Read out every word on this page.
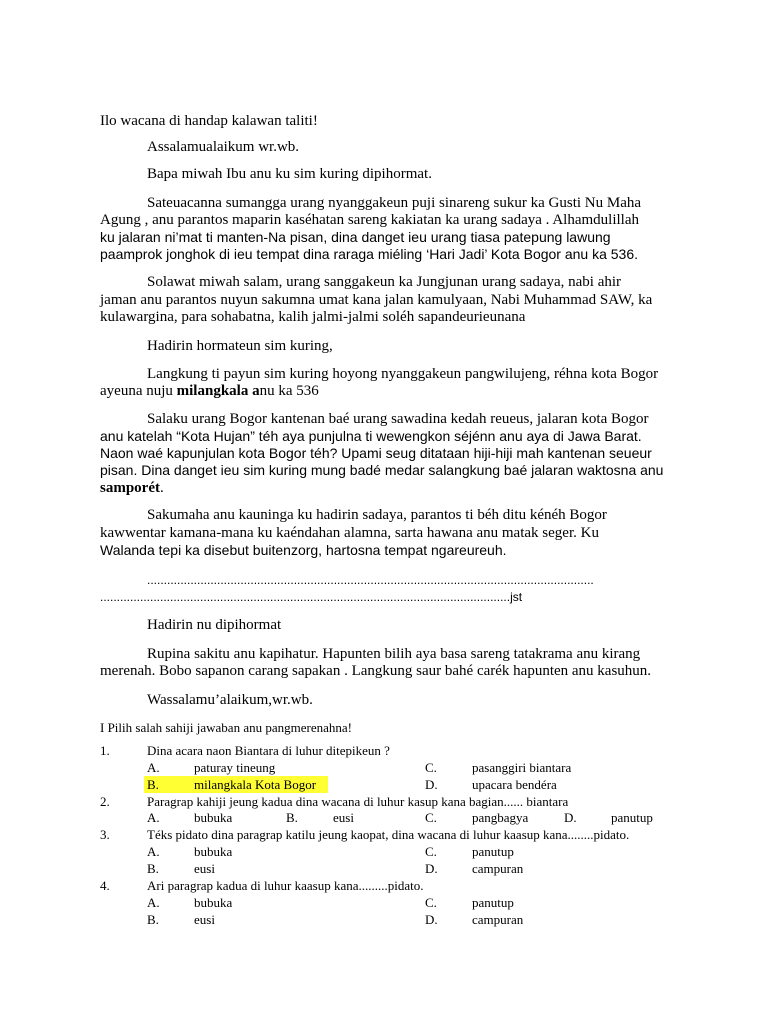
Ilo wacana di handap kalawan taliti!
Assalamualaikum wr.wb.
Bapa miwah Ibu anu ku sim kuring dipihormat.
Sateuacanna sumangga urang nyanggakeun puji sinareng sukur ka Gusti Nu Maha
Agung , anu parantos maparin kaséhatan sareng kakiatan ka urang sadaya . Alhamdulillah
ku jalaran ni’mat ti manten-Na pisan, dina danget ieu urang tiasa patepung lawung
paamprok jonghok di ieu tempat dina raraga miéling ‘Hari Jadi’ Kota Bogor anu ka 536.
Solawat miwah salam, urang sanggakeun ka Jungjunan urang sadaya, nabi ahir
jaman anu parantos nuyun sakumna umat kana jalan kamulyaan, Nabi Muhammad SAW, ka
kulawargina, para sohabatna, kalih jalmi-jalmi soléh sapandeurieunana
Hadirin hormateun sim kuring,
Langkung ti payun sim kuring hoyong nyanggakeun pangwilujeng, réhna kota Bogor
ayeuna nuju milangkala anu ka 536
Salaku urang Bogor kantenan baé urang sawadina kedah reueus, jalaran kota Bogor
anu katelah “Kota Hujan” téh aya punjulna ti wewengkon séjénn anu aya di Jawa Barat.
Naon waé kapunjulan kota Bogor téh? Upami seug ditataan hiji-hiji mah kantenan seueur
pisan. Dina danget ieu sim kuring mung badé medar salangkung baé jalaran waktosna anu
samporét.
Sakumaha anu kauninga ku hadirin sadaya, parantos ti béh ditu kénéh Bogor
kawwentar kamana-mana ku kaéndahan alamna, sarta hawana anu matak seger. Ku
Walanda tepi ka disebut buitenzorg, hartosna tempat ngareureuh.
......................................................................................................................................
...........................................................................................................................jst
Hadirin nu dipihormat
Rupina sakitu anu kapihatur. Hapunten bilih aya basa sareng tatakrama anu kirang
merenah. Bobo sapanon carang sapakan . Langkung saur bahé carék hapunten anu kasuhun.
Wassalamu’alaikum,wr.wb.
I Pilih salah sahiji jawaban anu pangmerenahna!
1.	Dina acara naon Biantara di luhur ditepikeun ?
A.	paturay tineung	C.	pasanggiri biantara
B.	milangkala Kota Bogor	D.	upacara bendéra
2.	Paragrap kahiji jeung kadua dina wacana di luhur kasup kana bagian...... biantara
A.	bubuka	B.	eusi	C.	pangbagya	D.	panutup
3.	Téks pidato dina paragrap katilu jeung kaopat, dina wacana di luhur kaasup kana........pidato.
A.	bubuka	C.	panutup
B.	eusi	D.	campuran
4.	Ari paragrap kadua di luhur kaasup kana.........pidato.
A.	bubuka	C.	panutup
B.	eusi	D.	campuran
